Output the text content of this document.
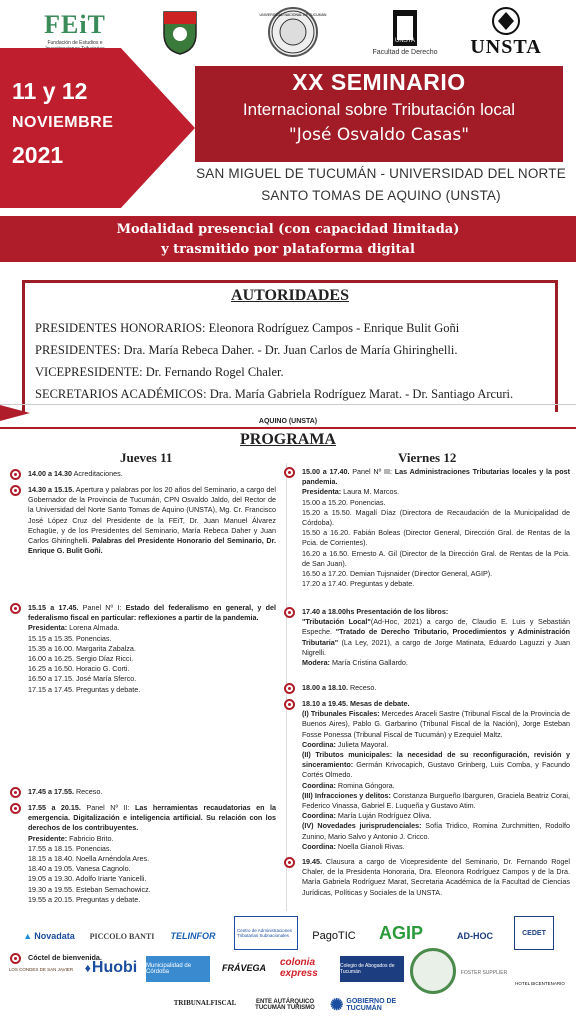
FEiT
Fundación de Estudios e
UNIVERSIDAD NACIONAL DE TUCUMÁN
UNSTA
Facultad de Derecho UNSTA
11 y 12
NOVIEMBRE
2021
XX SEMINARIO
Internacional sobre Tributación local
"José Osvaldo Casas"
SAN MIGUEL DE TUCUMÁN - UNIVERSIDAD DEL NORTE
SANTO TOMAS DE AQUINO (UNSTA)
Modalidad presencial (con capacidad limitada)
y trasmitido por plataforma digital
AUTORIDADES
PRESIDENTES HONORARIOS: Eleonora Rodríguez Campos - Enrique Bulit Goñi
PRESIDENTES: Dra. María Rebeca Daher. - Dr. Juan Carlos de María Ghiringhelli.
VICEPRESIDENTE: Dr. Fernando Rogel Chaler.
SECRETARIOS ACADÉMICOS: Dra. María Gabriela Rodríguez Marat. - Dr. Santiago Arcuri.
AQUINO (UNSTA)
PROGRAMA
Jueves 11	Viernes 12
14.00 a 14.30 Acreditaciones.
14.30 a 15.15. Apertura y palabras por los 20 años del Seminario, a cargo del Gobernador de la Provincia de Tucumán, CPN Osvaldo Jaldo, del Rector de la Universidad del Norte Santo Tomas de Aquino (UNSTA), Mg. Cr. Francisco José López Cruz del Presidente de la FEiT, Dr. Juan Manuel Álvarez Echagüe, y de los Presidentes del Seminario, María Rebeca Daher y Juan Carlos Ghiringhelli. Palabras del Presidente Honorario del Seminario, Dr. Enrique G. Bulit Goñi.
15.15 a 17.45. Panel Nº I: Estado del federalismo en general, y del federalismo fiscal en particular: reflexiones a partir de la pandemia.
Presidenta: Lorena Almada.
15.15 a 15.35. Ponencias.
15.35 a 16.00. Margarita Zabalza.
16.00 a 16.25. Sergio Díaz Ricci.
16.25 a 16.50. Horacio G. Corti.
16.50 a 17.15. José María Sferco.
17.15 a 17.45. Preguntas y debate.
17.45 a 17.55. Receso.
17.55 a 20.15. Panel Nº II: Las herramientas recaudatorias en la emergencia. Digitalización e inteligencia artificial. Su relación con los derechos de los contribuyentes.
Presidente: Fabricio Brito.
17.55 a 18.15. Ponencias.
18.15 a 18.40. Noella Arnéndola Ares.
18.40 a 19.05. Vanesa Cagnolo.
19.05 a 19.30. Adolfo Iriarte Yanicelli.
19.30 a 19.55. Esteban Semachowicz.
19.55 a 20.15. Preguntas y debate.
Cóctel de bienvenida.
15.00 a 17.40. Panel Nº III: Las Administraciones Tributarias locales y la post pandemia.
Presidenta: Laura M. Marcos.
15.00 a 15.20. Ponencias.
15.20 a 15.50. Magalí Díaz (Directora de Recaudación de la Municipalidad de Córdoba).
15.50 a 16.20. Fabián Boleas (Director General, Dirección Gral. de Rentas de la Pcia. de Corrientes).
16.20 a 16.50. Ernesto A. Gil (Director de la Dirección Gral. de Rentas de la Pcia. de San Juan).
16.50 a 17.20. Demian Tujsnaider (Director General, AGIP).
17.20 a 17.40. Preguntas y debate.
17.40 a 18.00hs Presentación de los libros:
"Tributación Local"(Ad-Hoc, 2021) a cargo de, Claudio E. Luis y Sebastián Espeche. "Tratado de Derecho Tributario, Procedimientos y Administración Tributaria" (La Ley, 2021), a cargo de Jorge Matinata, Eduardo Laguzzi y Juan Nigrelli.
Modera: María Cristina Gallardo.
18.00 a 18.10. Receso.
18.10 a 19.45. Mesas de debate.
(I) Tribunales Fiscales: Mercedes Araceli Sastre (Tribunal Fiscal de la Provincia de Buenos Aires), Pablo G. Garbarino (Tribunal Fiscal de la Nación), Jorge Esteban Fosse Ponessa (Tribunal Fiscal de Tucumán) y Ezequiel Maltz.
Coordina: Julieta Mayoral.
(II) Tributos municipales: la necesidad de su reconfiguración, revisión y sinceramiento: Germán Krivocapich, Gustavo Grinberg, Luis Comba, y Facundo Cortés Olmedo.
Coordina: Romina Góngora.
(III) Infracciones y delitos: Constanza Burgueño Ibarguren, Graciela Beatriz Corai, Federico Vinassa, Gabriel E. Luqueña y Gustavo Atim.
Coordina: María Luján Rodríguez Oliva.
(IV) Novedades jurisprudenciales: Sofía Tridico, Romina Zurchmitten, Rodolfo Zunino, Mario Salvo y Antonio J. Cricco.
Coordina: Noella Gianoli Rivas.
19.45. Clausura a cargo de Vicepresidente del Seminario, Dr. Fernando Rogel Chaler, de la Presidenta Honoraria, Dra. Eleonora Rodríguez Campos y de la Dra. María Gabriela Rodríguez Marat, Secretaria Académica de la Facultad de Ciencias Jurídicas, Políticas y Sociales de la UNSTA.
▲ Novadata PICCOLO BANTI	TELINFOR
Centro de Administraciones Tributarias Subnacionales	PagoTIC	AGIP	AD-HOC	CEDET
LOS CONDES DE SAN JAVIER ♦ Huobi Municipalidad de Córdoba	FRÁVEGA	colonia express
Colegio de Abogados de Tucumán	FOSTER SUPPLIER
HOTEL BICENTENARIO
TRIBUNALFISCAL	ENTE AUTÁRQUICO TUCUMÁN TURISMO ✺ GOBIERNO DE TUCUMÁN
